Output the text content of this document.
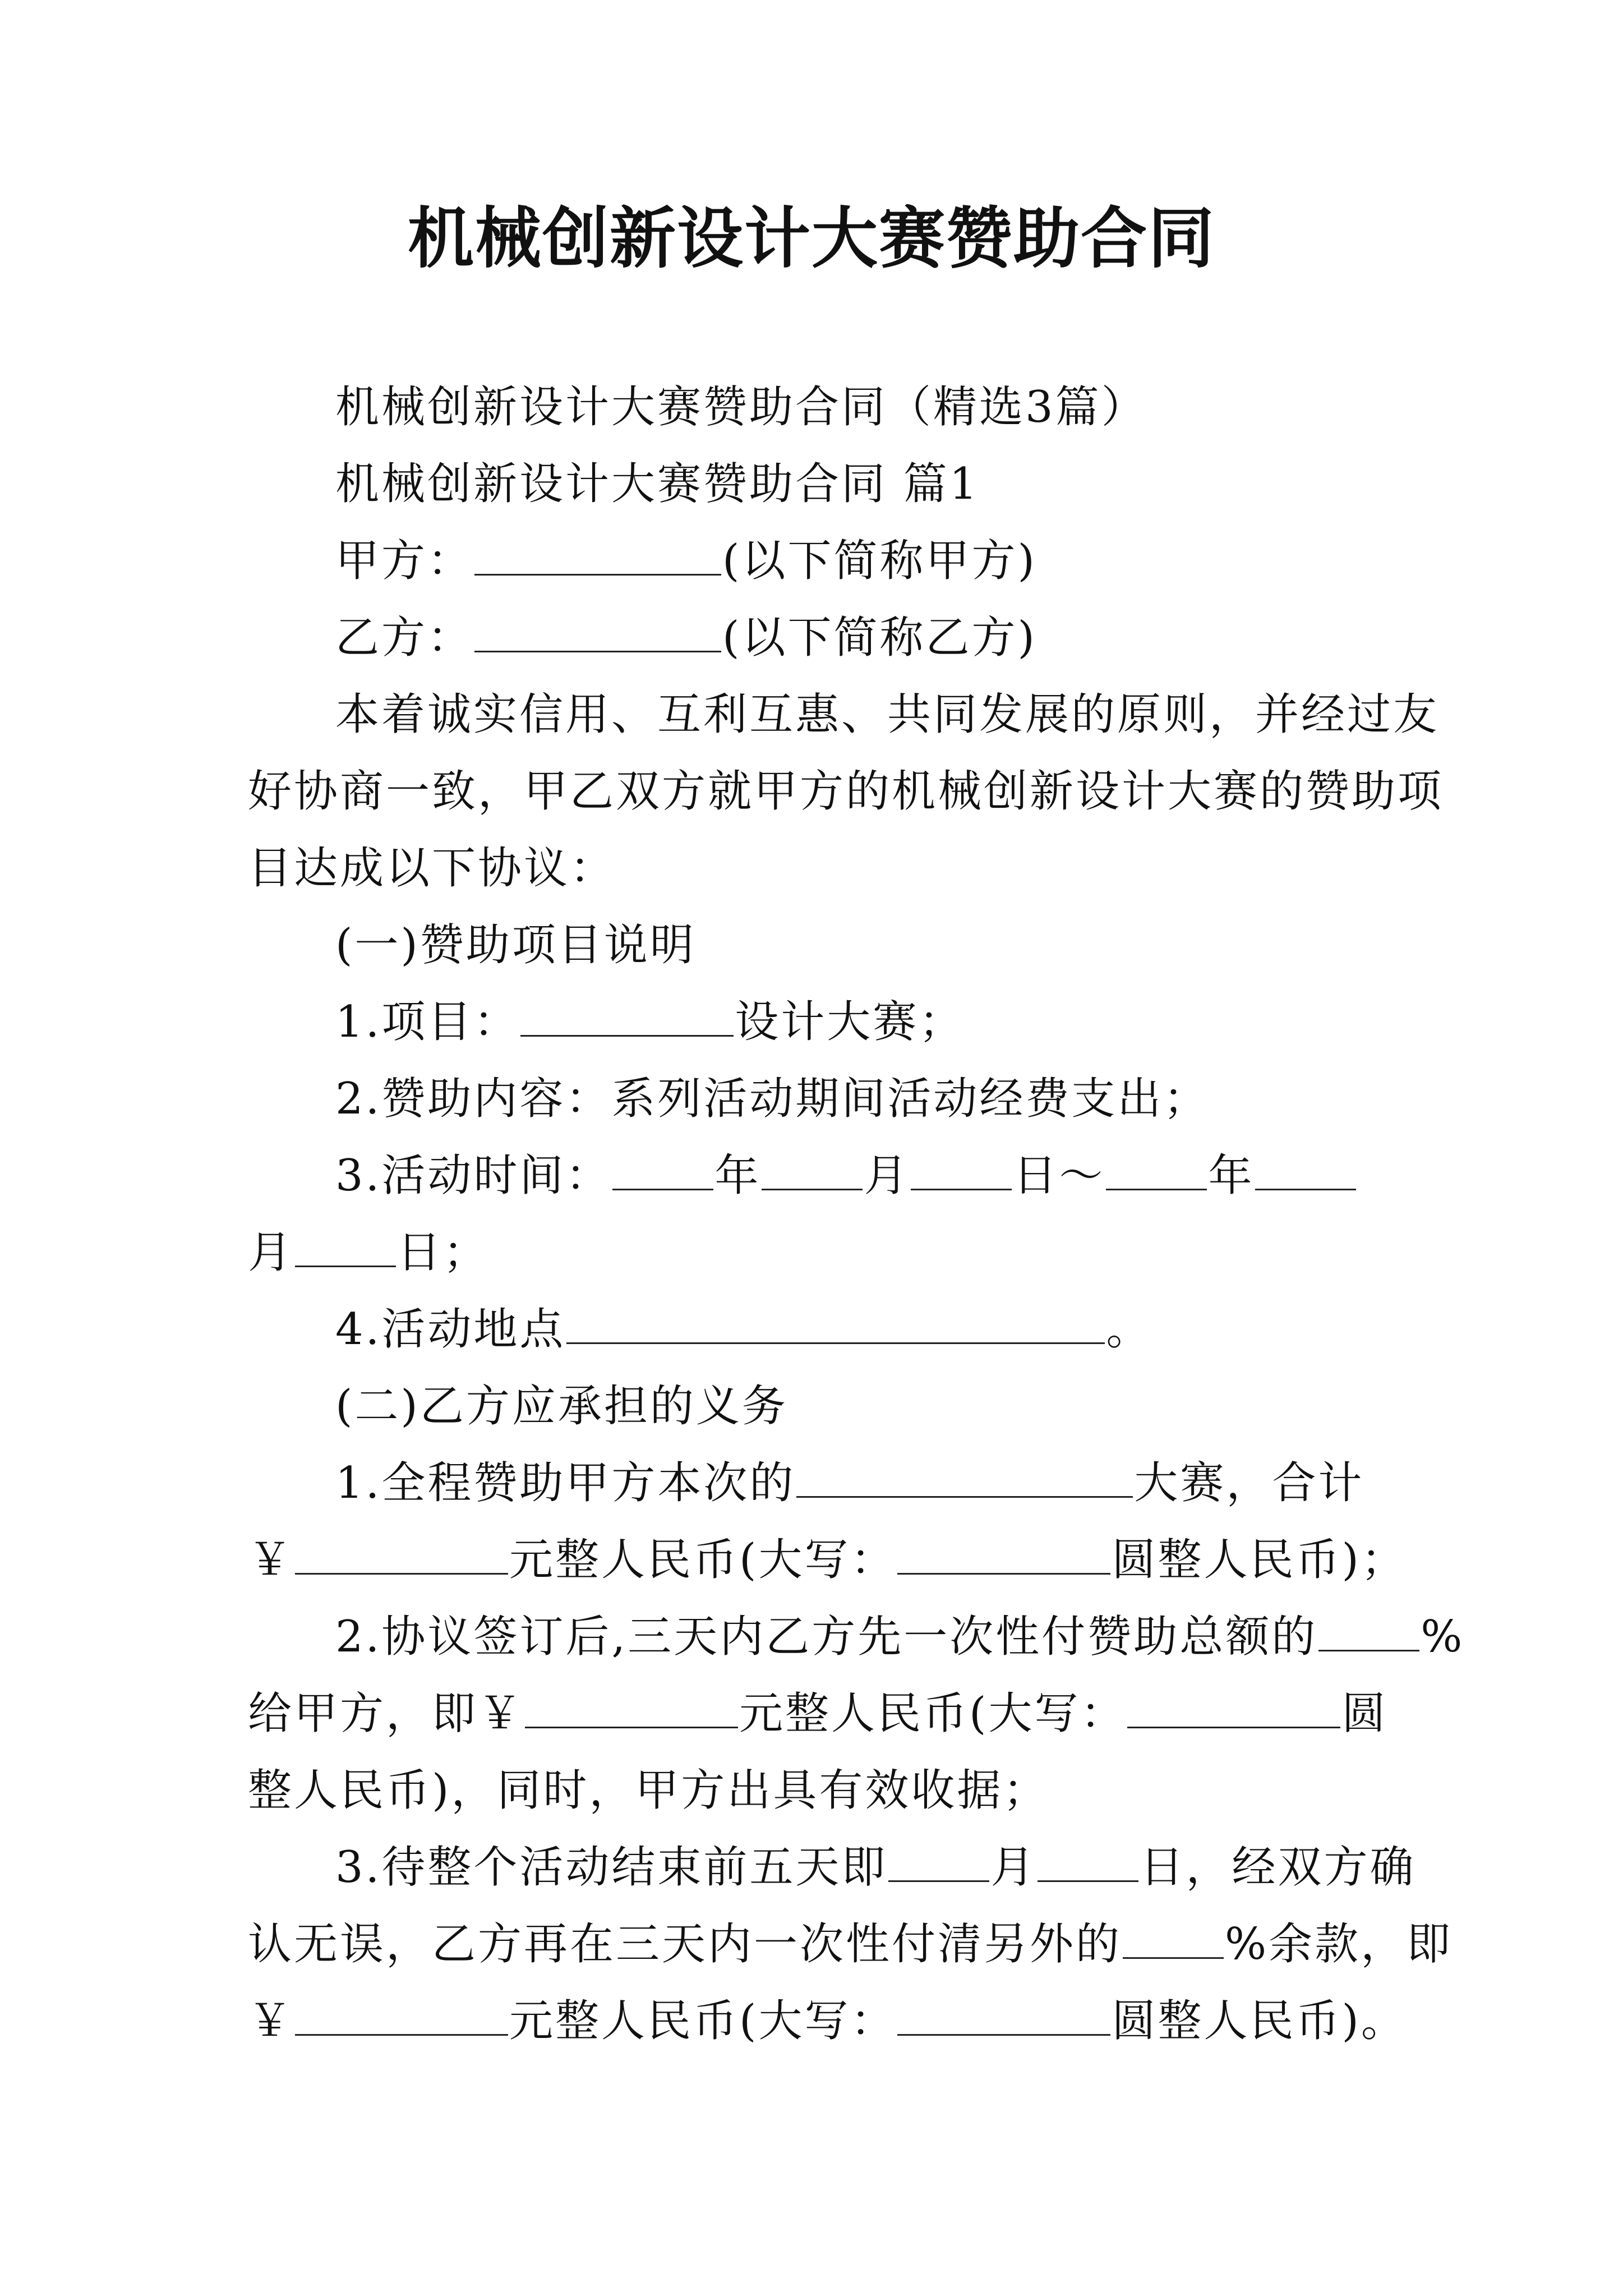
机械创新设计大赛赞助合同
机械创新设计大赛赞助合同（精选3篇）
机械创新设计大赛赞助合同 篇1
甲方：	(以下简称甲方)
乙方：	(以下简称乙方)
本着诚实信用、互利互惠、共同发展的原则，并经过友
好协商一致，甲乙双方就甲方的机械创新设计大赛的赞助项
目达成以下协议：
(一)赞助项目说明
1.项目：	设计大赛；
2.赞助内容：系列活动期间活动经费支出；
3.活动时间： 年 月 日～ 年
月 日；
4.活动地点	。
(二)乙方应承担的义务
1.全程赞助甲方本次的	大赛，合计
￥	元整人民币(大写：	圆整人民币)；
2.协议签订后,三天内乙方先一次性付赞助总额的 %
给甲方，即￥	元整人民币(大写：	圆
整人民币)，同时，甲方出具有效收据；
3.待整个活动结束前五天即 月 日，经双方确
认无误，乙方再在三天内一次性付清另外的 %余款，即
￥	元整人民币(大写：	圆整人民币)。
